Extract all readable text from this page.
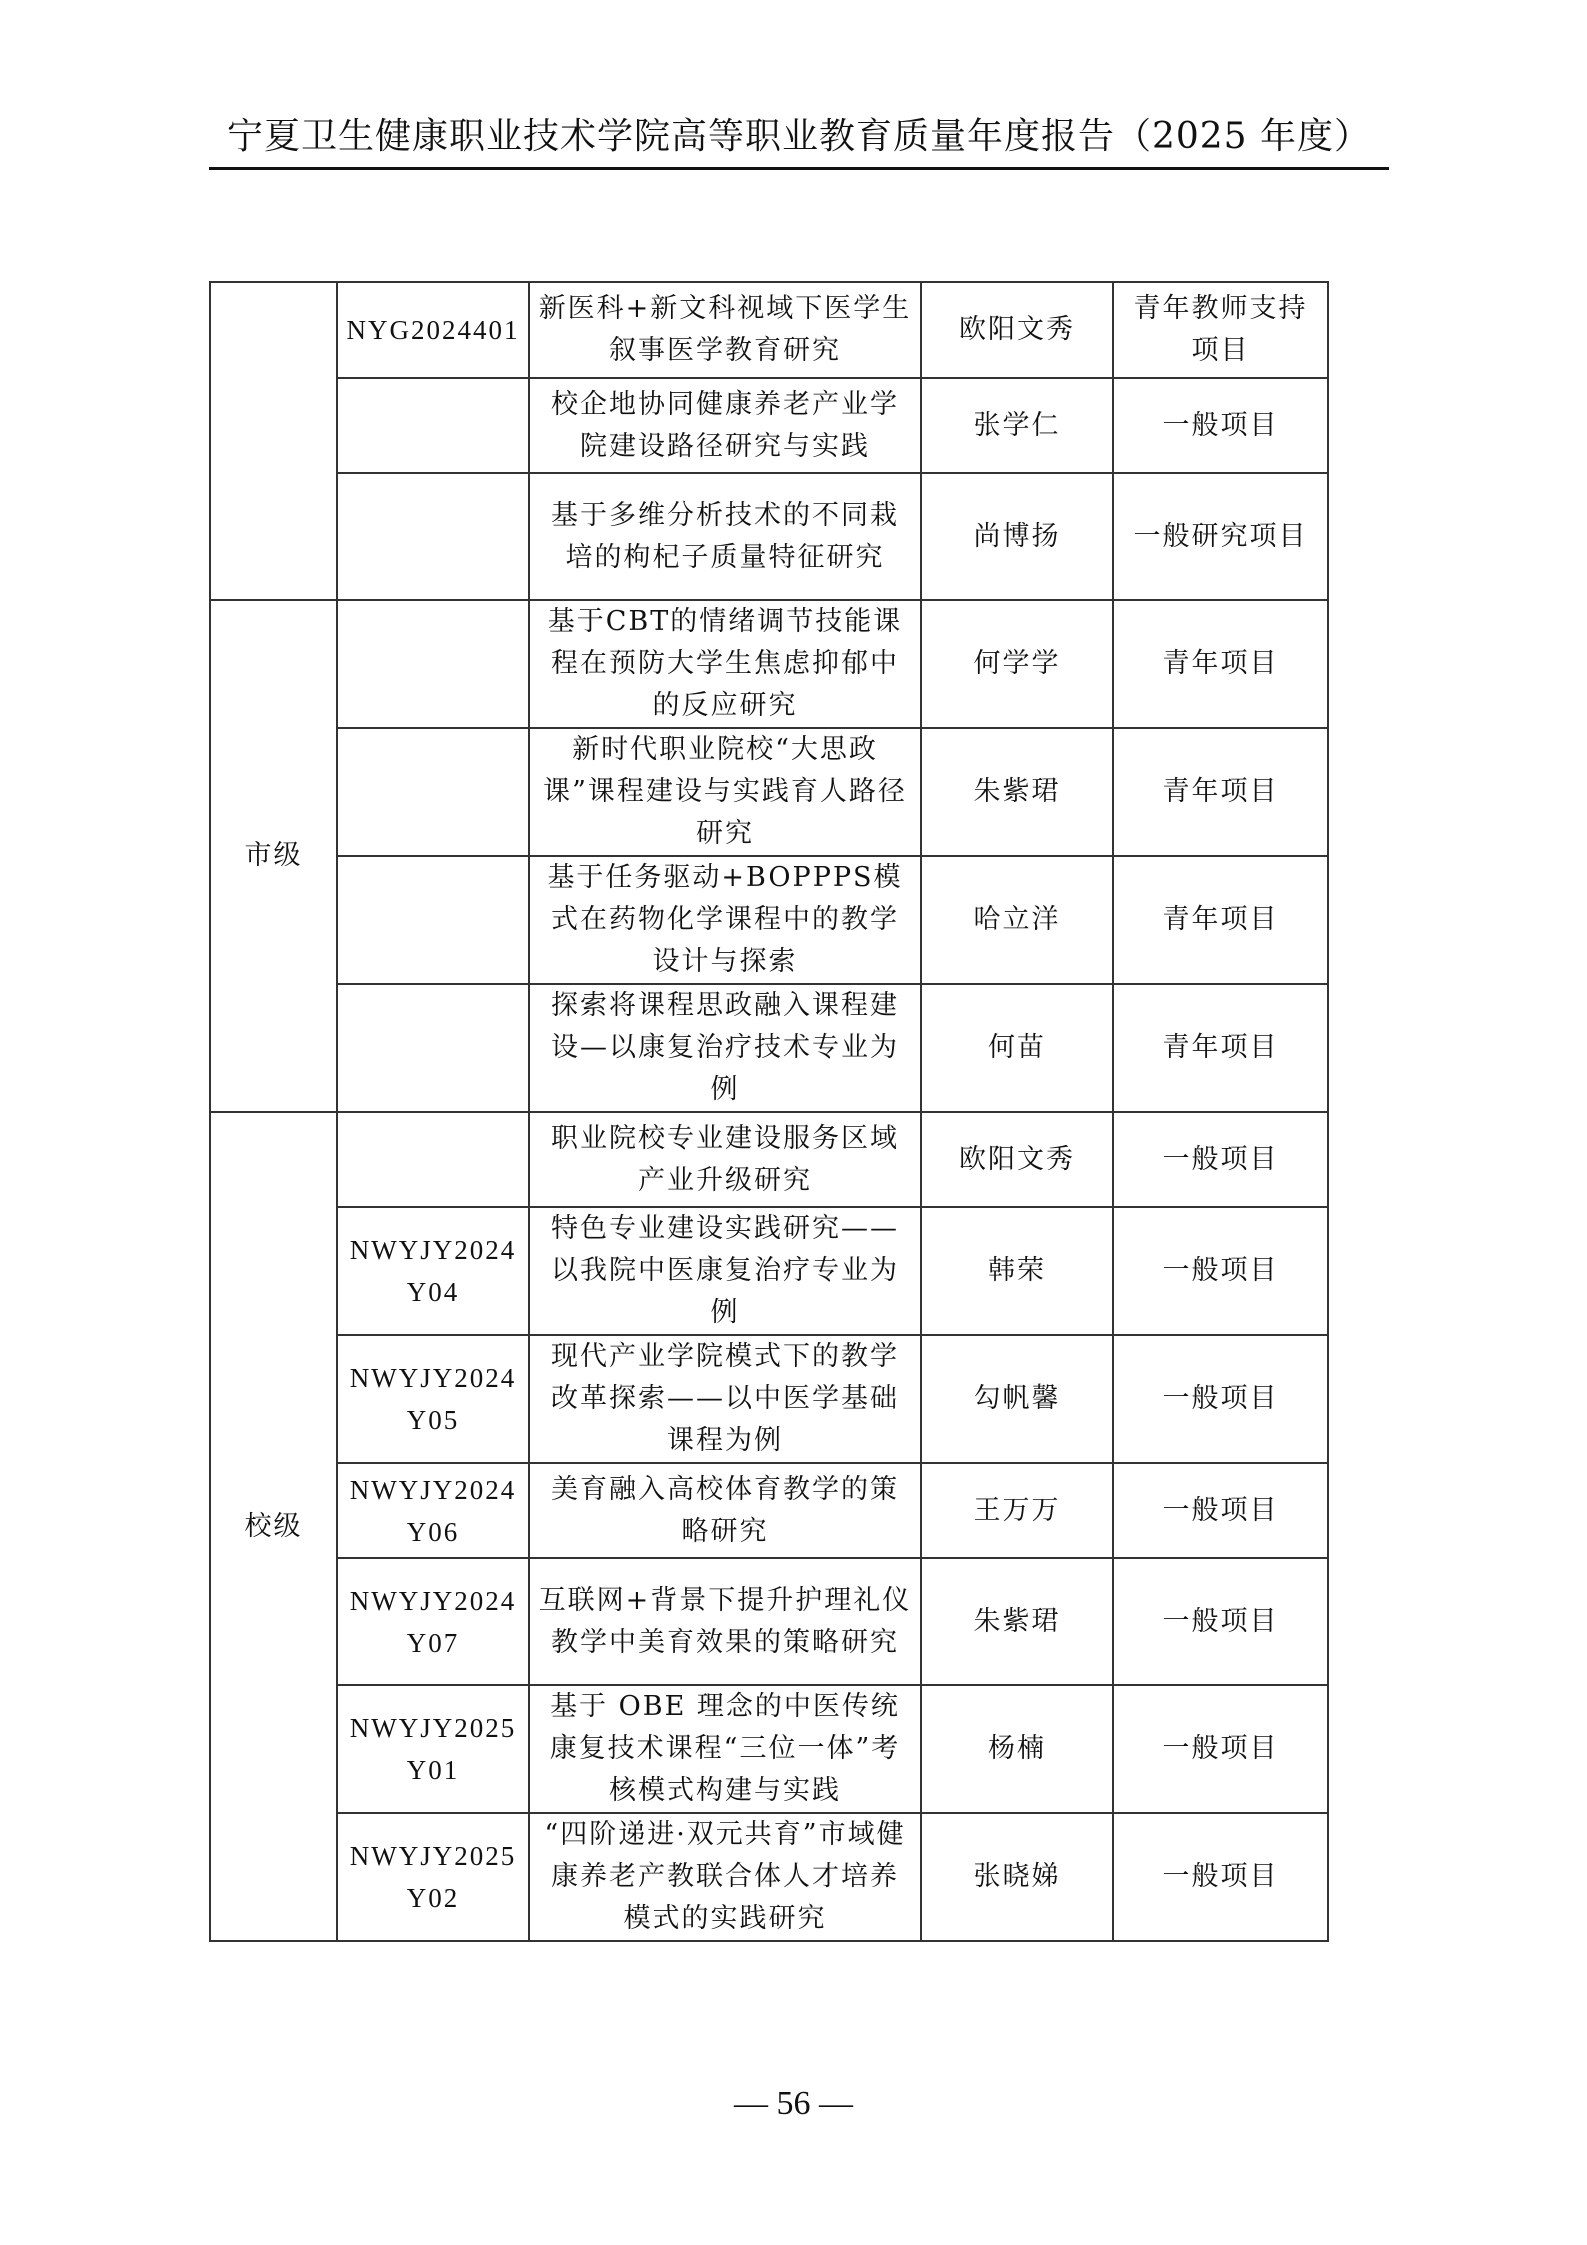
宁夏卫生健康职业技术学院高等职业教育质量年度报告（2025 年度）
	NYG2024401	新医科+新文科视域下医学生叙事医学教育研究	欧阳文秀	青年教师支持项目
		校企地协同健康养老产业学院建设路径研究与实践	张学仁	一般项目
		基于多维分析技术的不同栽培的枸杞子质量特征研究	尚博扬	一般研究项目
市级		基于CBT的情绪调节技能课程在预防大学生焦虑抑郁中的反应研究	何学学	青年项目
		新时代职业院校“大思政课”课程建设与实践育人路径研究	朱紫珺	青年项目
		基于任务驱动+BOPPPS模式在药物化学课程中的教学设计与探索	哈立洋	青年项目
		探索将课程思政融入课程建设—以康复治疗技术专业为例	何苗	青年项目
校级		职业院校专业建设服务区域产业升级研究	欧阳文秀	一般项目
	NWYJY2024Y04	特色专业建设实践研究——以我院中医康复治疗专业为例	韩荣	一般项目
	NWYJY2024Y05	现代产业学院模式下的教学改革探索——以中医学基础课程为例	勾帆馨	一般项目
	NWYJY2024Y06	美育融入高校体育教学的策略研究	王万万	一般项目
	NWYJY2024Y07	互联网+背景下提升护理礼仪教学中美育效果的策略研究	朱紫珺	一般项目
	NWYJY2025Y01	基于 OBE 理念的中医传统康复技术课程“三位一体”考核模式构建与实践	杨楠	一般项目
	NWYJY2025Y02	“四阶递进·双元共育”市域健康养老产教联合体人才培养模式的实践研究	张晓娣	一般项目
— 56 —
